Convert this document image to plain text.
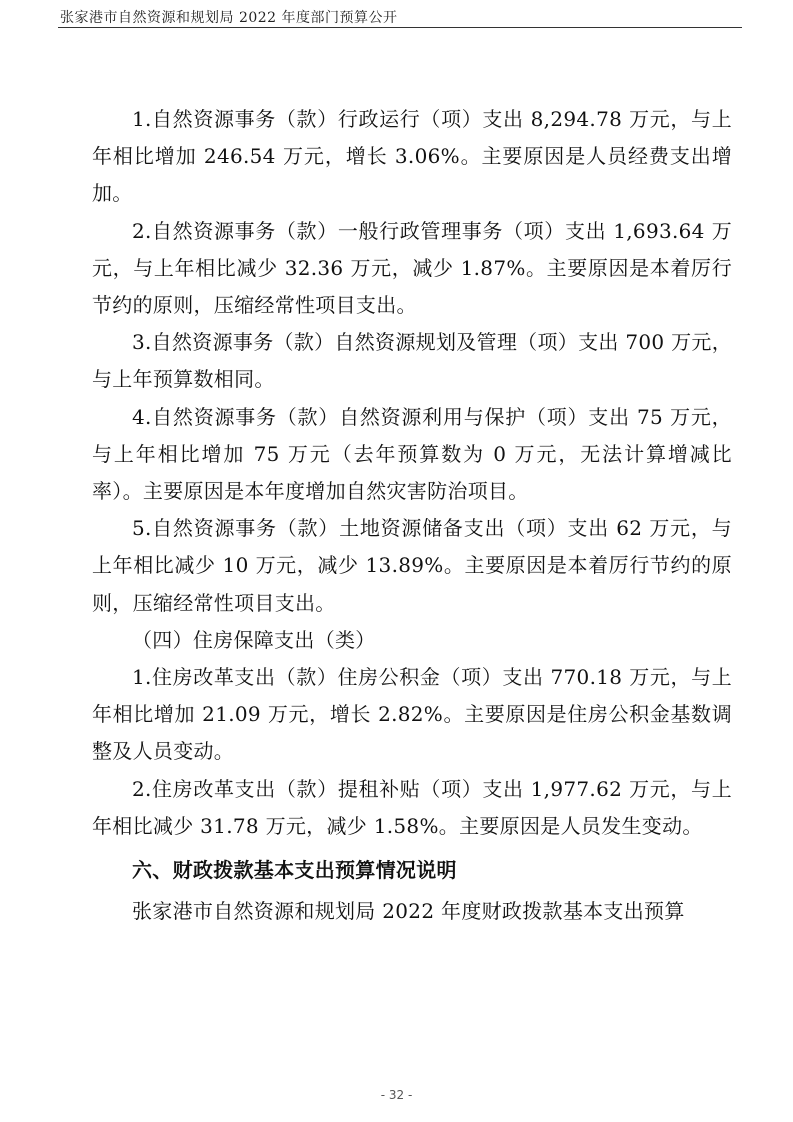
张家港市自然资源和规划局 2022 年度部门预算公开

1.自然资源事务（款）行政运行（项）支出 8,294.78 万元，与上年相比增加 246.54 万元，增长 3.06%。主要原因是人员经费支出增加。

2.自然资源事务（款）一般行政管理事务（项）支出 1,693.64 万元，与上年相比减少 32.36 万元，减少 1.87%。主要原因是本着厉行节约的原则，压缩经常性项目支出。

3.自然资源事务（款）自然资源规划及管理（项）支出 700 万元，与上年预算数相同。

4.自然资源事务（款）自然资源利用与保护（项）支出 75 万元，与上年相比增加 75 万元（去年预算数为 0 万元，无法计算增减比率）。主要原因是本年度增加自然灾害防治项目。

5.自然资源事务（款）土地资源储备支出（项）支出 62 万元，与上年相比减少 10 万元，减少 13.89%。主要原因是本着厉行节约的原则，压缩经常性项目支出。

（四）住房保障支出（类）

1.住房改革支出（款）住房公积金（项）支出 770.18 万元，与上年相比增加 21.09 万元，增长 2.82%。主要原因是住房公积金基数调整及人员变动。

2.住房改革支出（款）提租补贴（项）支出 1,977.62 万元，与上年相比减少 31.78 万元，减少 1.58%。主要原因是人员发生变动。

六、财政拨款基本支出预算情况说明

张家港市自然资源和规划局 2022 年度财政拨款基本支出预算

- 32 -
